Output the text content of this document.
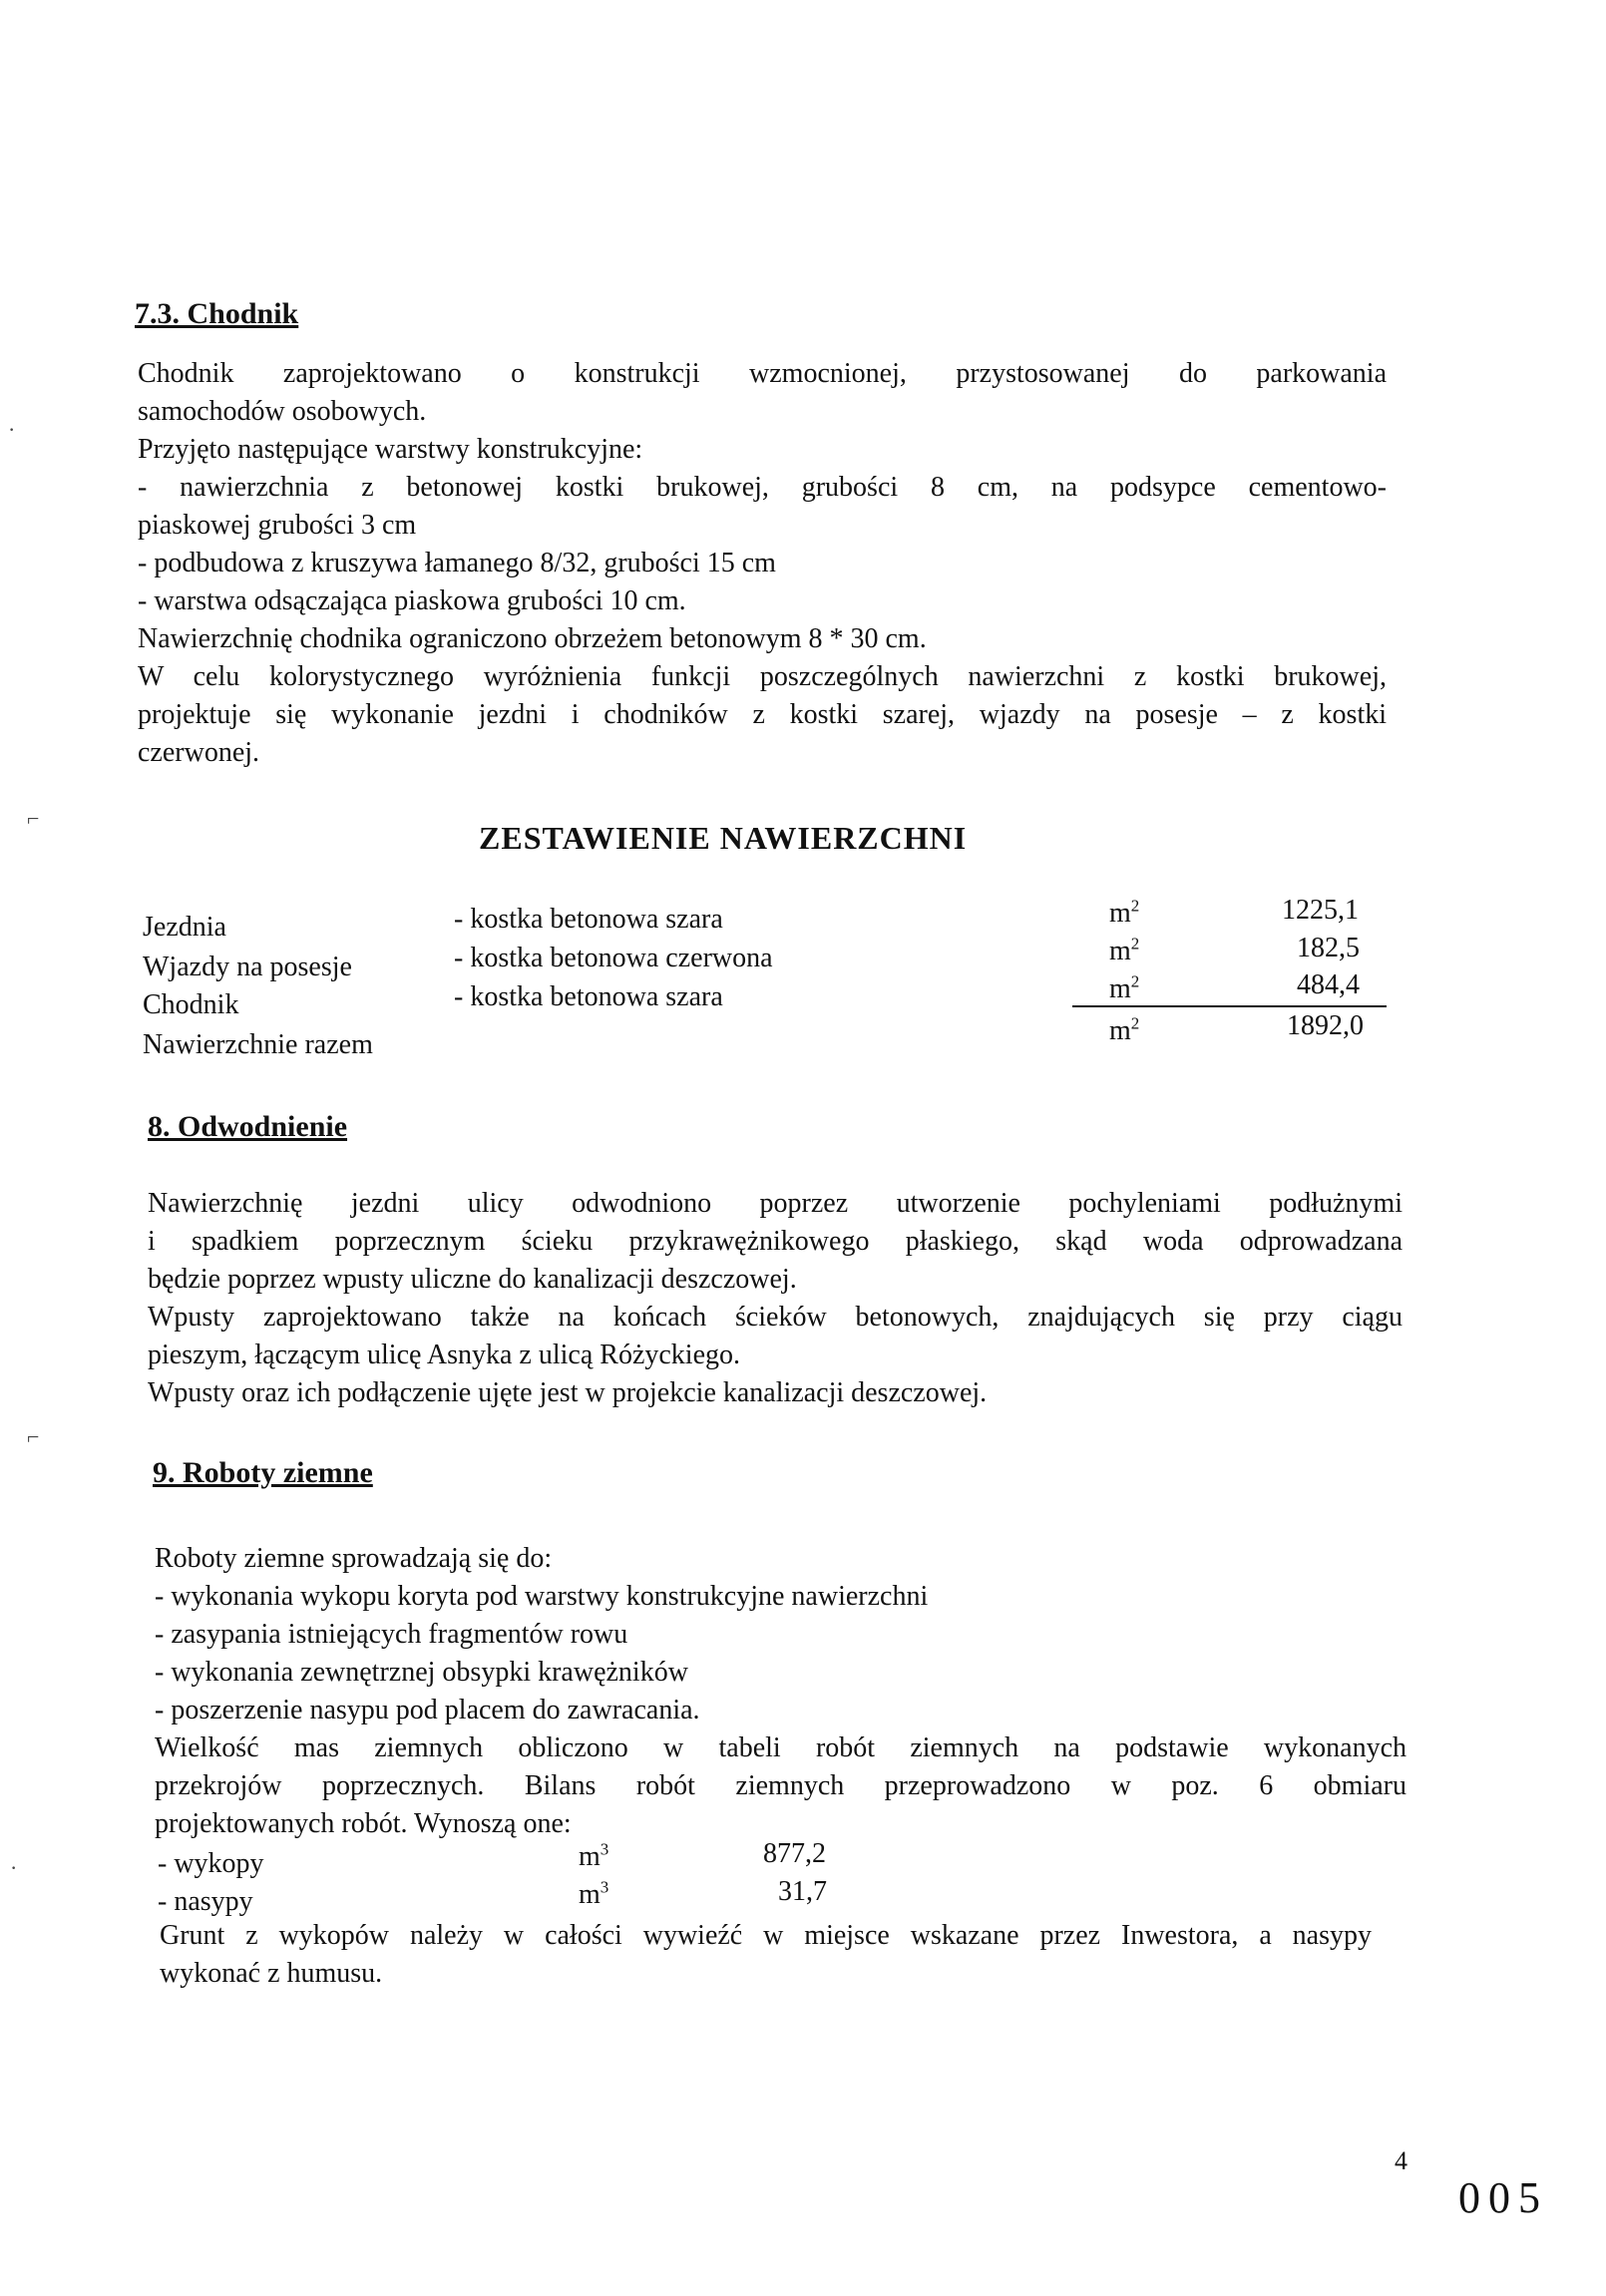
7.3. Chodnik
Chodnik zaprojektowano o konstrukcji wzmocnionej, przystosowanej do parkowania
samochodów osobowych.
Przyjęto następujące warstwy konstrukcyjne:
- nawierzchnia z betonowej kostki brukowej, grubości 8 cm, na podsypce cementowo-
piaskowej grubości 3 cm
- podbudowa z kruszywa łamanego 8/32, grubości 15 cm
- warstwa odsączająca piaskowa grubości 10 cm.
Nawierzchnię chodnika ograniczono obrzeżem betonowym 8 * 30 cm.
W celu kolorystycznego wyróżnienia funkcji poszczególnych nawierzchni z kostki brukowej,
projektuje się wykonanie jezdni i chodników z kostki szarej, wjazdy na posesje – z kostki
czerwonej.
ZESTAWIENIE NAWIERZCHNI
Jezdnia	- kostka betonowa szara	$m^2$	1225,1
Wjazdy na posesje	- kostka betonowa czerwona	$m^2$	182,5
Chodnik	- kostka betonowa szara	$m^2$	484,4
Nawierzchnie razem	$m^2$	1892,0
8. Odwodnienie
Nawierzchnię jezdni ulicy odwodniono poprzez utworzenie pochyleniami podłużnymi
i spadkiem poprzecznym ścieku przykrawężnikowego płaskiego, skąd woda odprowadzana
będzie poprzez wpusty uliczne do kanalizacji deszczowej.
Wpusty zaprojektowano także na końcach ścieków betonowych, znajdujących się przy ciągu
pieszym, łączącym ulicę Asnyka z ulicą Różyckiego.
Wpusty oraz ich podłączenie ujęte jest w projekcie kanalizacji deszczowej.
9. Roboty ziemne
Roboty ziemne sprowadzają się do:
- wykonania wykopu koryta pod warstwy konstrukcyjne nawierzchni
- zasypania istniejących fragmentów rowu
- wykonania zewnętrznej obsypki krawężników
- poszerzenie nasypu pod placem do zawracania.
Wielkość mas ziemnych obliczono w tabeli robót ziemnych na podstawie wykonanych
przekrojów poprzecznych. Bilans robót ziemnych przeprowadzono w poz. 6 obmiaru
projektowanych robót. Wynoszą one:
- wykopy	$m^3$	877,2
- nasypy	$m^3$	31,7
Grunt z wykopów należy w całości wywieźć w miejsce wskazane przez Inwestora, a nasypy
wykonać z humusu.
4
005
⌐
⌐
·
·
